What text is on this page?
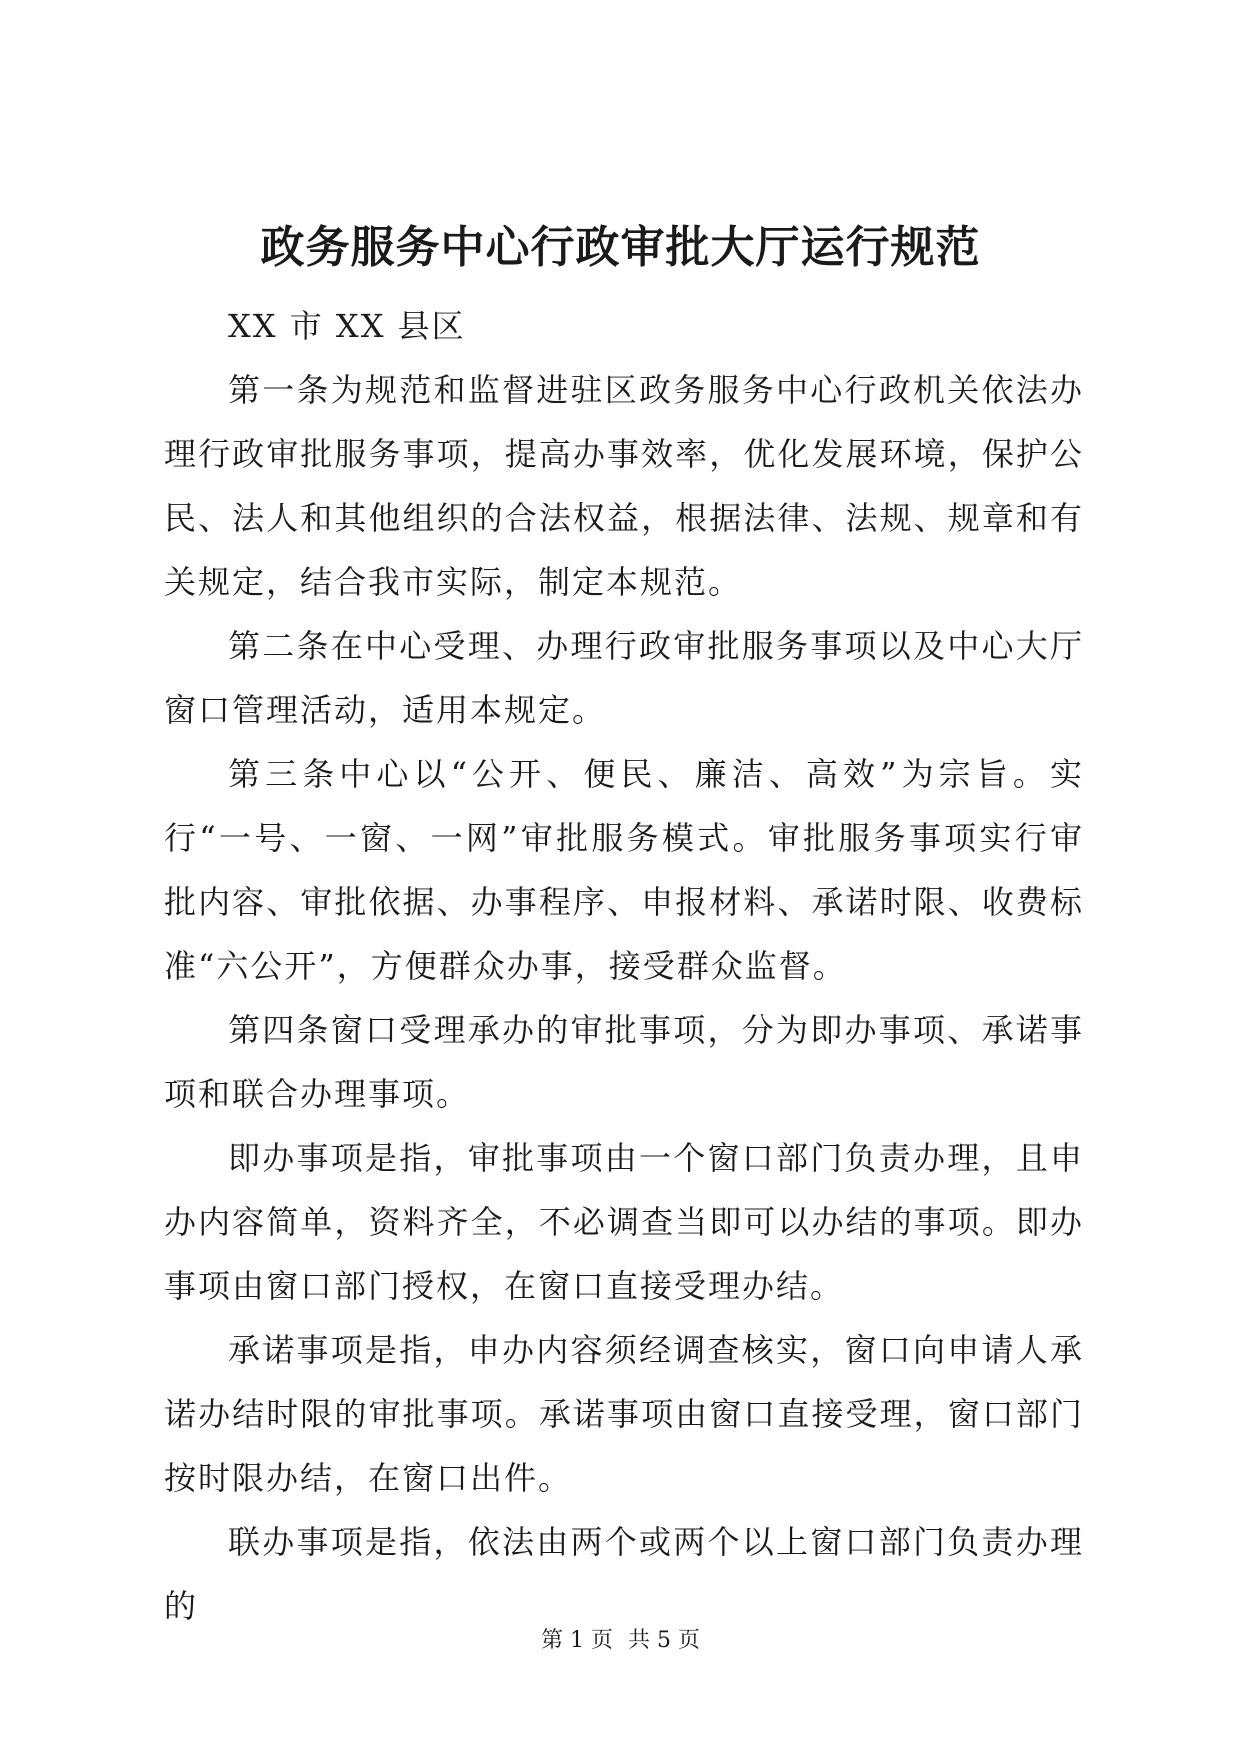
政务服务中心行政审批大厅运行规范

XX 市 XX 县区

第一条为规范和监督进驻区政务服务中心行政机关依法办理行政审批服务事项，提高办事效率，优化发展环境，保护公民、法人和其他组织的合法权益，根据法律、法规、规章和有关规定，结合我市实际，制定本规范。

第二条在中心受理、办理行政审批服务事项以及中心大厅窗口管理活动，适用本规定。

第三条中心以“公开、便民、廉洁、高效”为宗旨。实行“一号、一窗、一网”审批服务模式。审批服务事项实行审批内容、审批依据、办事程序、申报材料、承诺时限、收费标准“六公开”，方便群众办事，接受群众监督。

第四条窗口受理承办的审批事项，分为即办事项、承诺事项和联合办理事项。

即办事项是指，审批事项由一个窗口部门负责办理，且申办内容简单，资料齐全，不必调查当即可以办结的事项。即办事项由窗口部门授权，在窗口直接受理办结。

承诺事项是指，申办内容须经调查核实，窗口向申请人承诺办结时限的审批事项。承诺事项由窗口直接受理，窗口部门按时限办结，在窗口出件。

联办事项是指，依法由两个或两个以上窗口部门负责办理的

第 1 页 共 5 页
